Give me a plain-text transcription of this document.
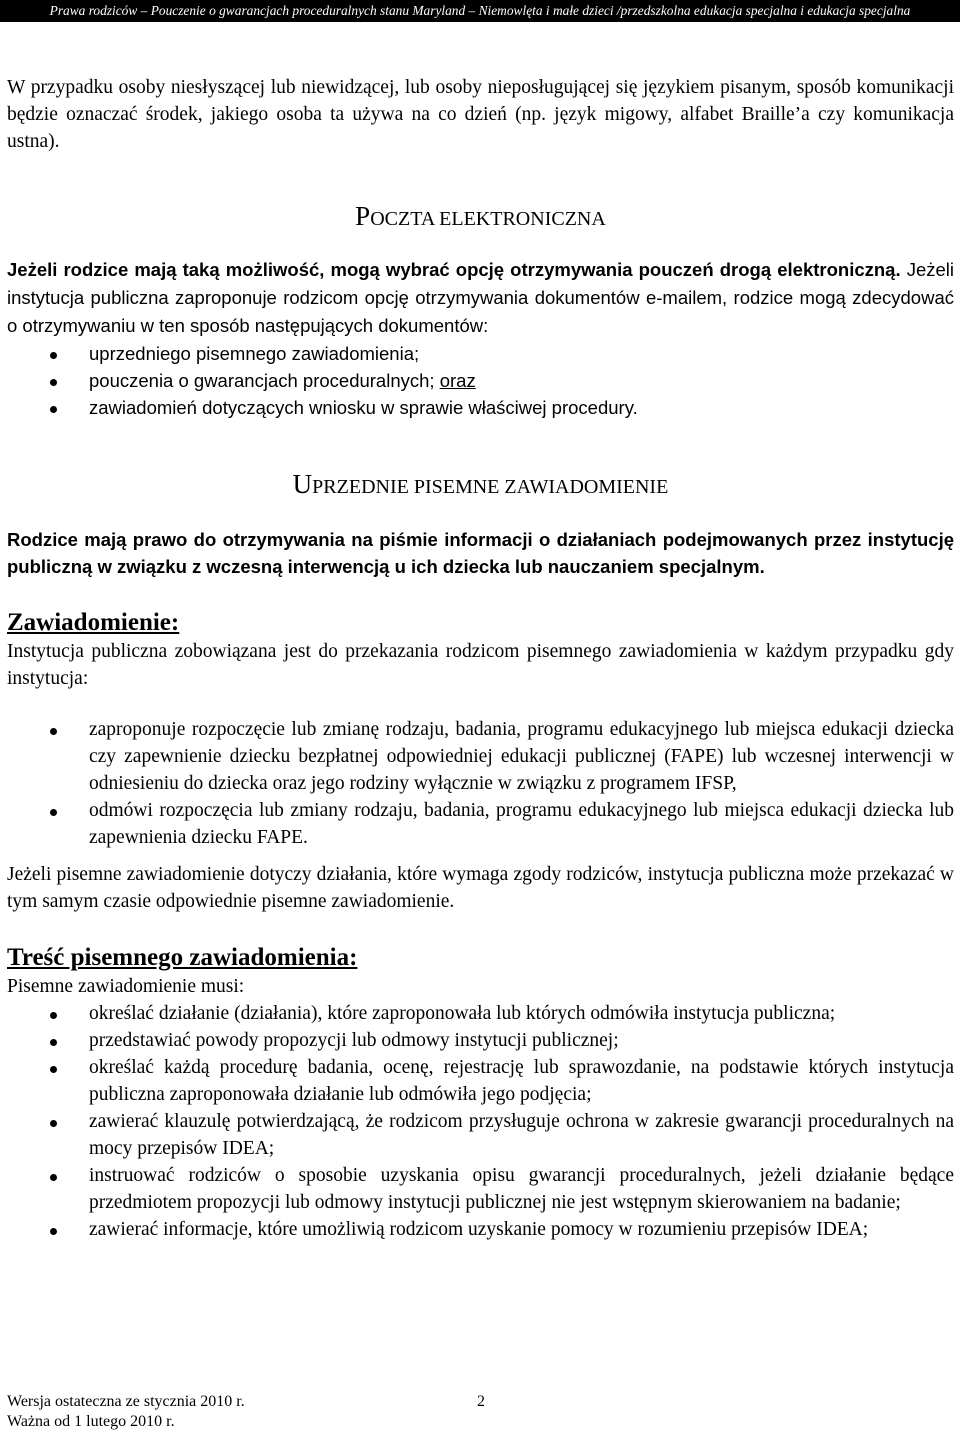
Prawa rodziców – Pouczenie o gwarancjach proceduralnych stanu Maryland – Niemowlęta i małe dzieci /przedszkolna edukacja specjalna i edukacja specjalna

W przypadku osoby niesłyszącej lub niewidzącej, lub osoby nieposługującej się językiem pisanym, sposób komunikacji będzie oznaczać środek, jakiego osoba ta używa na co dzień (np. język migowy, alfabet Braille’a czy komunikacja ustna).

POCZTA ELEKTRONICZNA

Jeżeli rodzice mają taką możliwość, mogą wybrać opcję otrzymywania pouczeń drogą elektroniczną. Jeżeli instytucja publiczna zaproponuje rodzicom opcję otrzymywania dokumentów e-mailem, rodzice mogą zdecydować o otrzymywaniu w ten sposób następujących dokumentów:

uprzedniego pisemnego zawiadomienia;
pouczenia o gwarancjach proceduralnych; oraz
zawiadomień dotyczących wniosku w sprawie właściwej procedury.
UPRZEDNIE PISEMNE ZAWIADOMIENIE

Rodzice mają prawo do otrzymywania na piśmie informacji o działaniach podejmowanych przez instytucję publiczną w związku z wczesną interwencją u ich dziecka lub nauczaniem specjalnym.

Zawiadomienie:

Instytucja publiczna zobowiązana jest do przekazania rodzicom pisemnego zawiadomienia w każdym przypadku gdy instytucja:

zaproponuje rozpoczęcie lub zmianę rodzaju, badania, programu edukacyjnego lub miejsca edukacji dziecka czy zapewnienie dziecku bezpłatnej odpowiedniej edukacji publicznej (FAPE) lub wczesnej interwencji w odniesieniu do dziecka oraz jego rodziny wyłącznie w związku z programem IFSP,
odmówi rozpoczęcia lub zmiany rodzaju, badania, programu edukacyjnego lub miejsca edukacji dziecka lub zapewnienia dziecku FAPE.

Jeżeli pisemne zawiadomienie dotyczy działania, które wymaga zgody rodziców, instytucja publiczna może przekazać w tym samym czasie odpowiednie pisemne zawiadomienie.

Treść pisemnego zawiadomienia:

Pisemne zawiadomienie musi:

określać działanie (działania), które zaproponowała lub których odmówiła instytucja publiczna;
przedstawiać powody propozycji lub odmowy instytucji publicznej;
określać każdą procedurę badania, ocenę, rejestrację lub sprawozdanie, na podstawie których instytucja publiczna zaproponowała działanie lub odmówiła jego podjęcia;
zawierać klauzulę potwierdzającą, że rodzicom przysługuje ochrona w zakresie gwarancji proceduralnych na mocy przepisów IDEA;
instruować rodziców o sposobie uzyskania opisu gwarancji proceduralnych, jeżeli działanie będące przedmiotem propozycji lub odmowy instytucji publicznej nie jest wstępnym skierowaniem na badanie;
zawierać informacje, które umożliwią rodzicom uzyskanie pomocy w rozumieniu przepisów IDEA;
Wersja ostateczna ze stycznia 2010 r.
Ważna od 1 lutego 2010 r.
2
